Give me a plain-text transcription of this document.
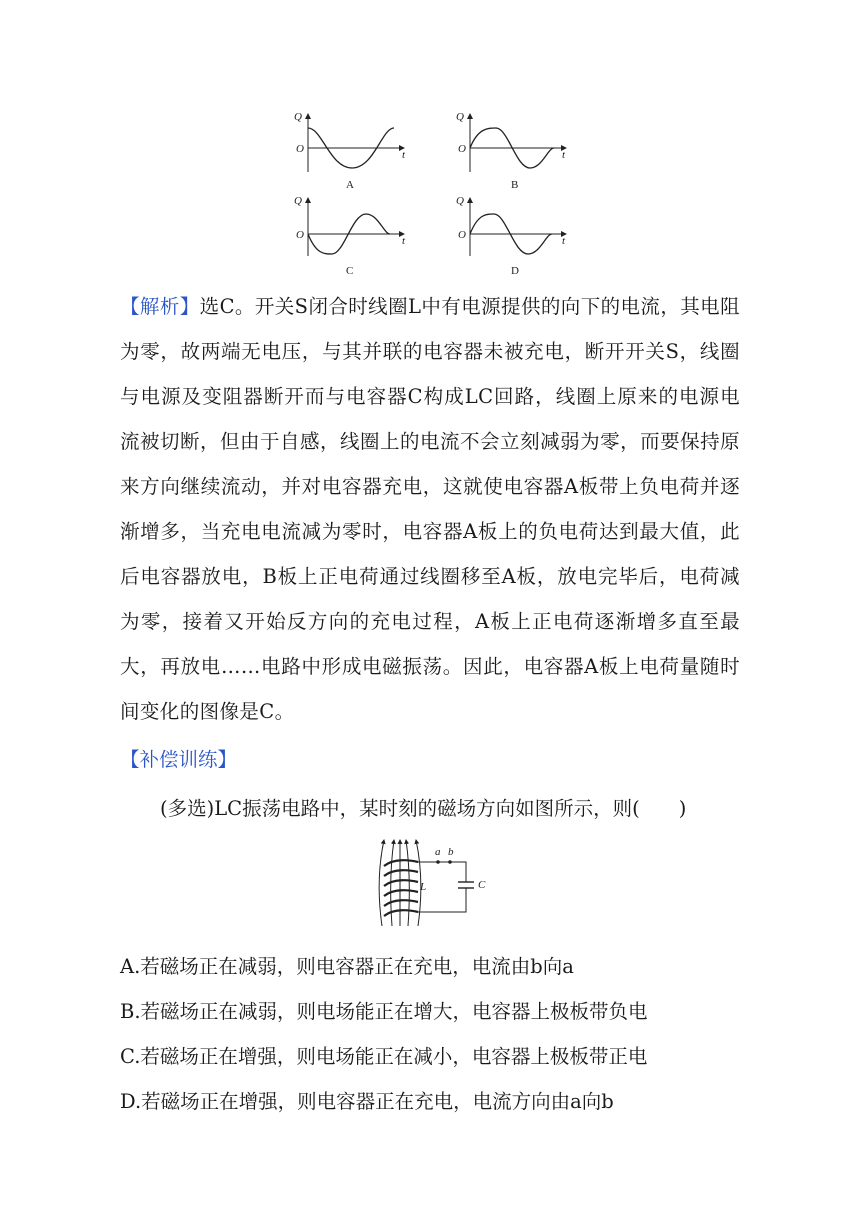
Q
O	t
A
Q
O	t
B
Q
O	t
C
Q
O	t
D
【解析】选C。开关S闭合时线圈L中有电源提供的向下的电流，其电阻为零，故两端无电压，与其并联的电容器未被充电，断开开关S，线圈与电源及变阻器断开而与电容器C构成LC回路，线圈上原来的电源电流被切断，但由于自感，线圈上的电流不会立刻减弱为零，而要保持原来方向继续流动，并对电容器充电，这就使电容器A板带上负电荷并逐渐增多，当充电电流减为零时，电容器A板上的负电荷达到最大值，此后电容器放电，B板上正电荷通过线圈移至A板，放电完毕后，电荷减为零，接着又开始反方向的充电过程，A板上正电荷逐渐增多直至最大，再放电……电路中形成电磁振荡。因此，电容器A板上电荷量随时间变化的图像是C。
【补偿训练】
(多选)LC振荡电路中，某时刻的磁场方向如图所示，则(　　)
a b
L	C
A.若磁场正在减弱，则电容器正在充电，电流由b向a
B.若磁场正在减弱，则电场能正在增大，电容器上极板带负电
C.若磁场正在增强，则电场能正在减小，电容器上极板带正电
D.若磁场正在增强，则电容器正在充电，电流方向由a向b
